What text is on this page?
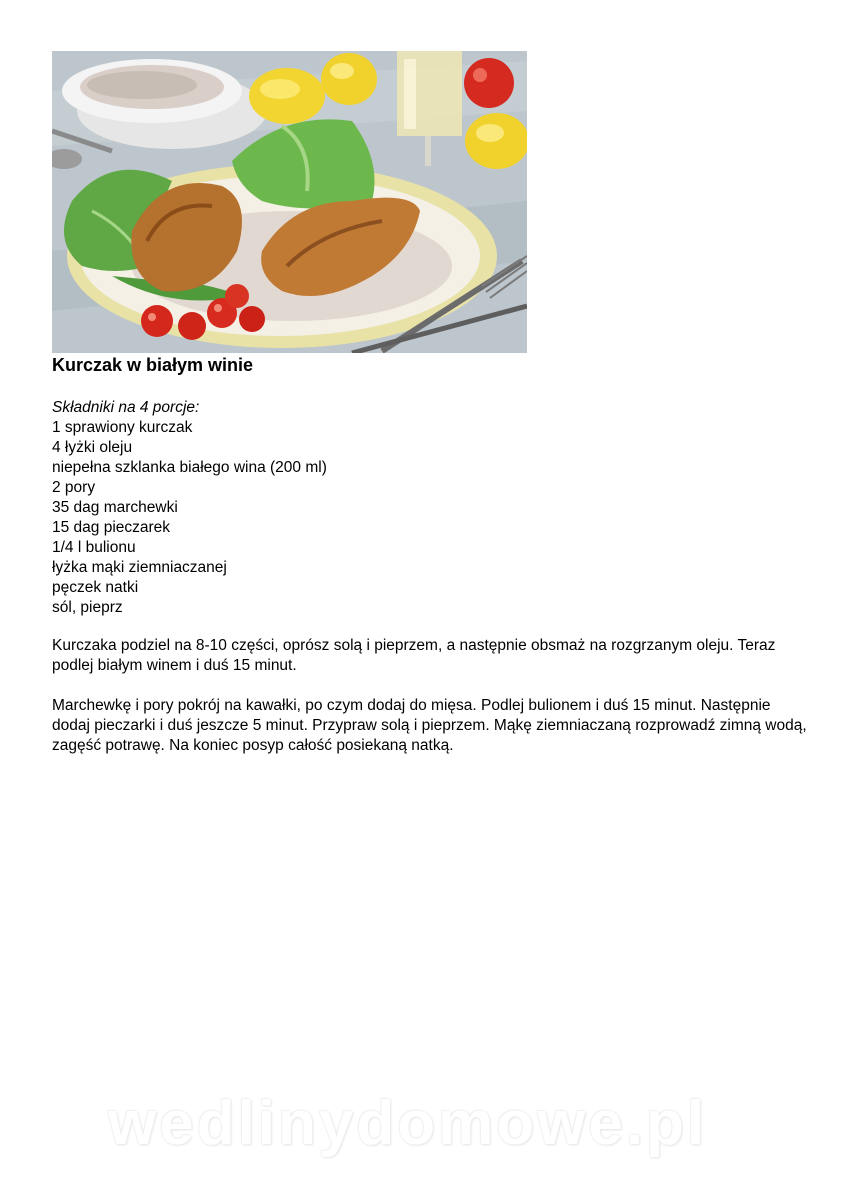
Kurczak w białym winie
Składniki na 4 porcje:
1 sprawiony kurczak
4 łyżki oleju
niepełna szklanka białego wina (200 ml)
2 pory
35 dag marchewki
15 dag pieczarek
1/4 l bulionu
łyżka mąki ziemniaczanej
pęczek natki
sól, pieprz

Kurczaka podziel na 8-10 części, oprósz solą i pieprzem, a następnie obsmaż na rozgrzanym oleju. Teraz podlej białym winem i duś 15 minut.

Marchewkę i pory pokrój na kawałki, po czym dodaj do mięsa. Podlej bulionem i duś 15 minut. Następnie dodaj pieczarki i duś jeszcze 5 minut. Przypraw solą i pieprzem. Mąkę ziemniaczaną rozprowadź zimną wodą, zagęść potrawę. Na koniec posyp całość posiekaną natką.

wedlinydomowe.pl
